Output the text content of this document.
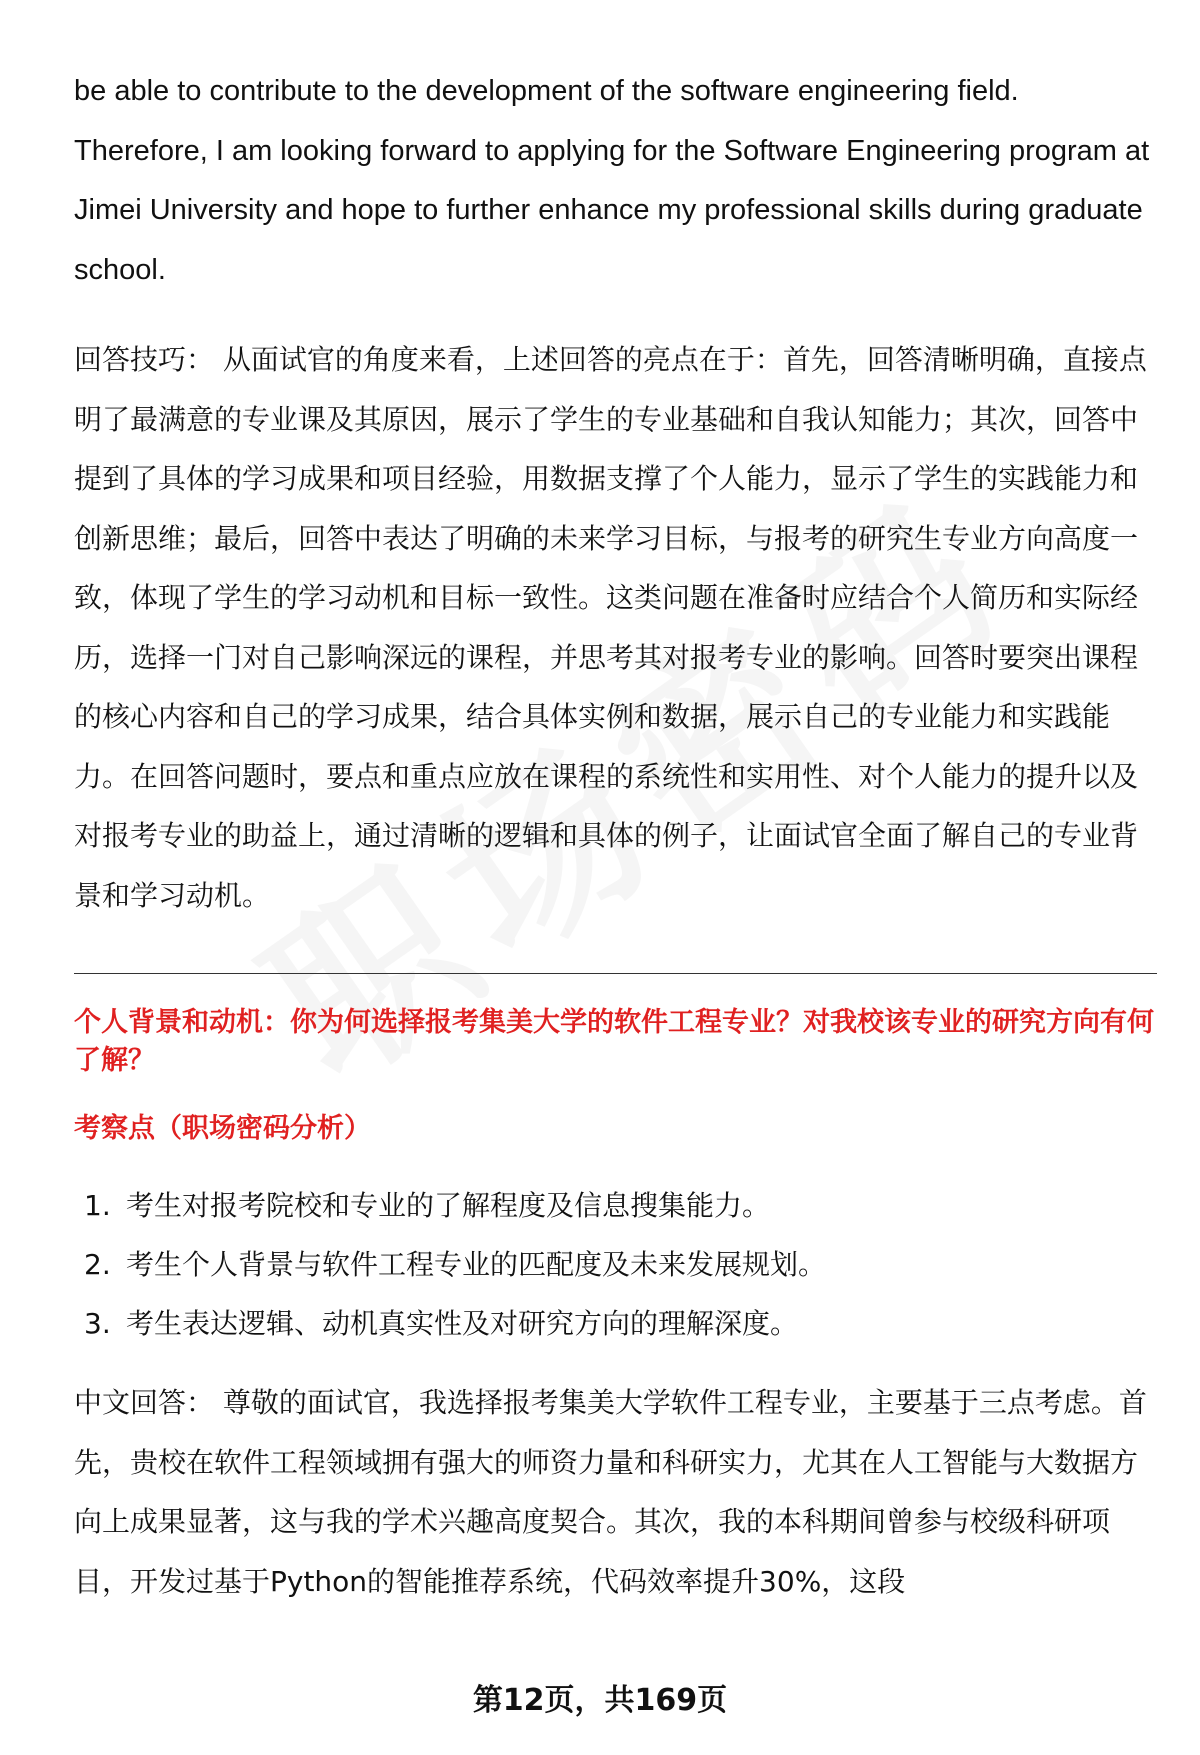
be able to contribute to the development of the software engineering field. Therefore, I am looking forward to applying for the Software Engineering program at Jimei University and hope to further enhance my professional skills during graduate school.

回答技巧： 从面试官的角度来看，上述回答的亮点在于：首先，回答清晰明确，直接点明了最满意的专业课及其原因，展示了学生的专业基础和自我认知能力；其次，回答中提到了具体的学习成果和项目经验，用数据支撑了个人能力，显示了学生的实践能力和创新思维；最后，回答中表达了明确的未来学习目标，与报考的研究生专业方向高度一致，体现了学生的学习动机和目标一致性。这类问题在准备时应结合个人简历和实际经历，选择一门对自己影响深远的课程，并思考其对报考专业的影响。回答时要突出课程的核心内容和自己的学习成果，结合具体实例和数据，展示自己的专业能力和实践能力。在回答问题时，要点和重点应放在课程的系统性和实用性、对个人能力的提升以及对报考专业的助益上，通过清晰的逻辑和具体的例子，让面试官全面了解自己的专业背景和学习动机。

个人背景和动机：你为何选择报考集美大学的软件工程专业？对我校该专业的研究方向有何了解？

考察点（职场密码分析）

1. 考生对报考院校和专业的了解程度及信息搜集能力。
2. 考生个人背景与软件工程专业的匹配度及未来发展规划。
3. 考生表达逻辑、动机真实性及对研究方向的理解深度。

中文回答： 尊敬的面试官，我选择报考集美大学软件工程专业，主要基于三点考虑。首先，贵校在软件工程领域拥有强大的师资力量和科研实力，尤其在人工智能与大数据方向上成果显著，这与我的学术兴趣高度契合。其次，我的本科期间曾参与校级科研项目，开发过基于Python的智能推荐系统，代码效率提升30%，这段

第12页，共169页
